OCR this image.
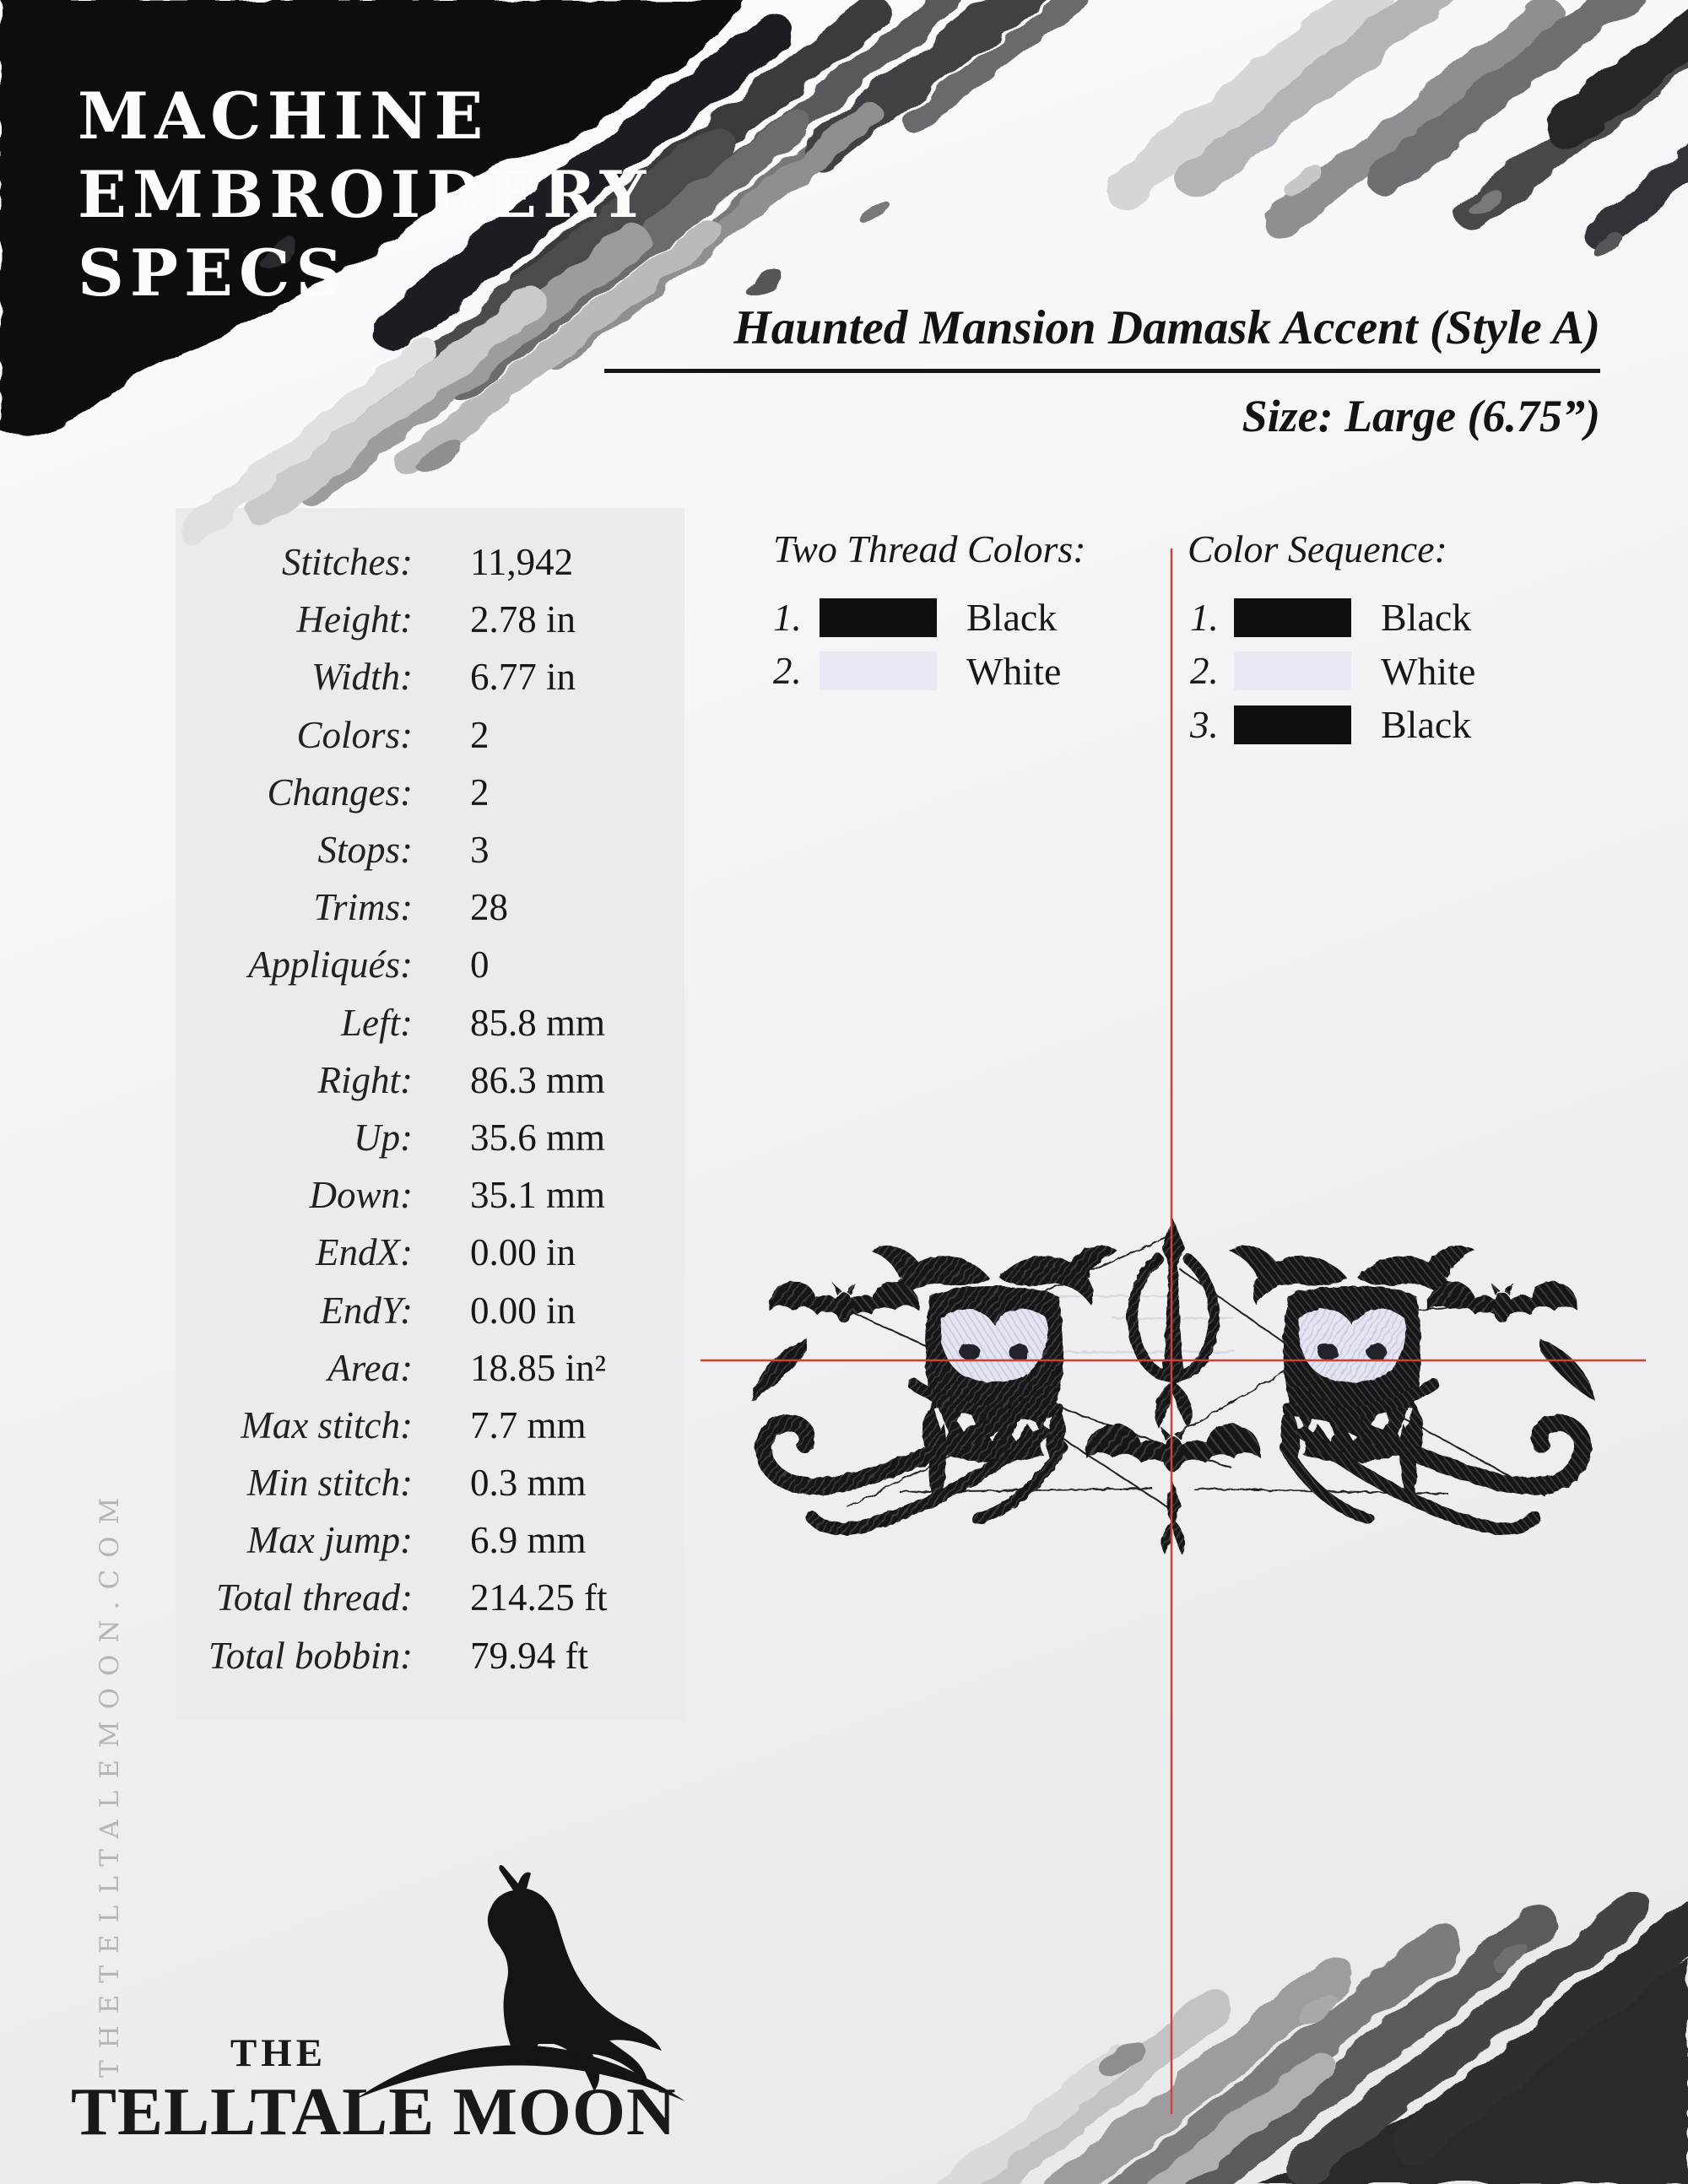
MACHINE
EMBROIDERY
SPECS
Haunted Mansion Damask Accent (Style A)
Size: Large (6.75”)
Stitches:	11,942
Height:	2.78 in
Width:	6.77 in
Colors:	2
Changes:	2
Stops:	3
Trims:	28
Appliqués:	0
Left:	85.8 mm
Right:	86.3 mm
Up:	35.6 mm
Down:	35.1 mm
EndX:	0.00 in
EndY:	0.00 in
Area:	18.85 in²
Max stitch:	7.7 mm
Min stitch:	0.3 mm
Max jump:	6.9 mm
Total thread:	214.25 ft
Total bobbin:	79.94 ft
Two Thread Colors:
1.	Black
2.	White
Color Sequence:
1.	Black
2.	White
3.	Black
THETELLTALEMOON.COM	THE
TELLTALE MOON
